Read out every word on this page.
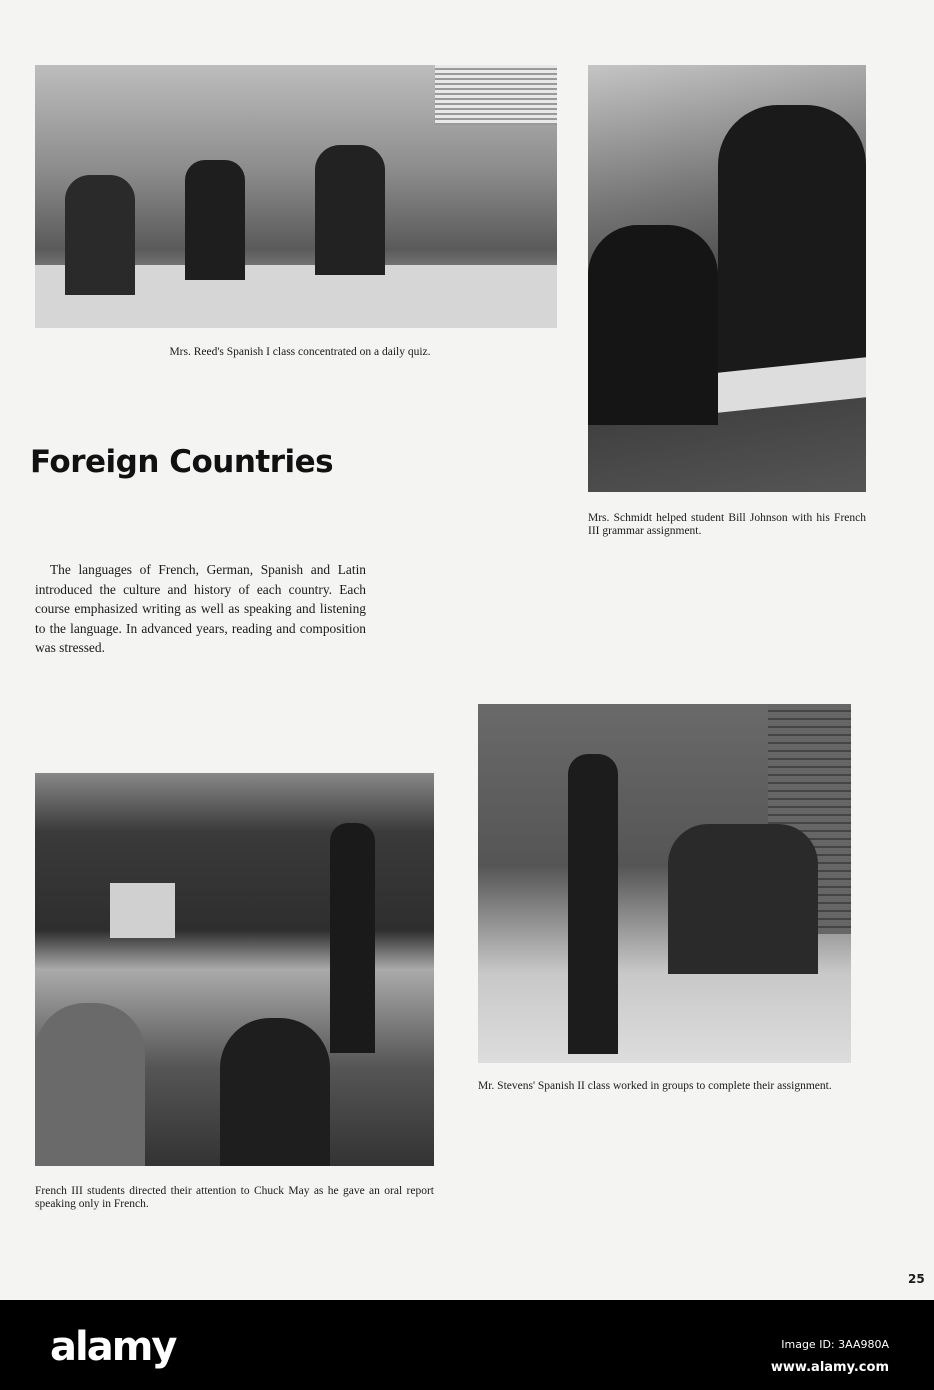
Mrs. Reed's Spanish I class concentrated on a daily quiz.
Mrs. Schmidt helped student Bill Johnson with his French III grammar assignment.
Foreign Countries
The languages of French, German, Spanish and Latin introduced the culture and history of each country. Each course emphasized writing as well as speaking and listening to the language. In advanced years, reading and composition was stressed.
Mr. Stevens' Spanish II class worked in groups to complete their assignment.
French III students directed their attention to Chuck May as he gave an oral report speaking only in French.
25
alamy	Image ID: 3AA980A
www.alamy.com
